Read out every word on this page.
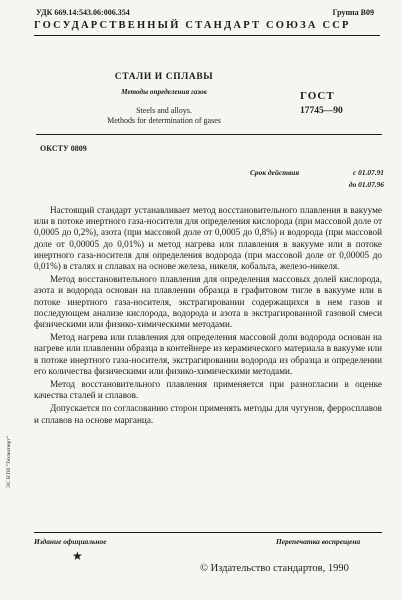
УДК 669.14:543.06:006.354	Группа В09
ГОСУДАРСТВЕННЫЙ СТАНДАРТ СОЮЗА ССР
СТАЛИ И СПЛАВЫ
Методы определения газов
Steels and alloys.
Methods for determination of gases
ГОСТ
17745—90
ОКСТУ 0809
Срок действия	с 01.07.91
до 01.07.96

Настоящий стандарт устанавливает метод восстановительного плавления в вакууме или в потоке инертного газа-носителя для определения кислорода (при массовой доле от 0,0005 до 0,2%), азота (при массовой доле от 0,0005 до 0,8%) и водорода (при массовой доле от 0,00005 до 0,01%) и метод нагрева или плавления в вакууме или в потоке инертного газа-носителя для определения водорода (при массовой доле от 0,00005 до 0,01%) в сталях и сплавах на основе железа, никеля, кобальта, железо-никеля.

Метод восстановительного плавления для определения массовых долей кислорода, азота и водорода основан на плавлении образца в графитовом тигле в вакууме или в потоке инертного газа-носителя, экстрагировании содержащихся в нем газов и последующем анализе кислорода, водорода и азота в экстрагированной газовой смеси физическими или физико-химическими методами.

Метод нагрева или плавления для определения массовой доли водорода основан на нагреве или плавлении образца в контейнере из керамического материала в вакууме или в потоке инертного газа-носителя, экстрагировании водорода из образца и определении его количества физическими или физико-химическими методами.

Метод восстановительного плавления применяется при разногласии в оценке качества сталей и сплавов.

Допускается по согласованию сторон применять методы для чугунов, ферросплавов и сплавов на основе марганца.

ЭС НТИ "Техэксперт"
Издание официальное	Перепечатка воспрещена
★
© Издательство стандартов, 1990
